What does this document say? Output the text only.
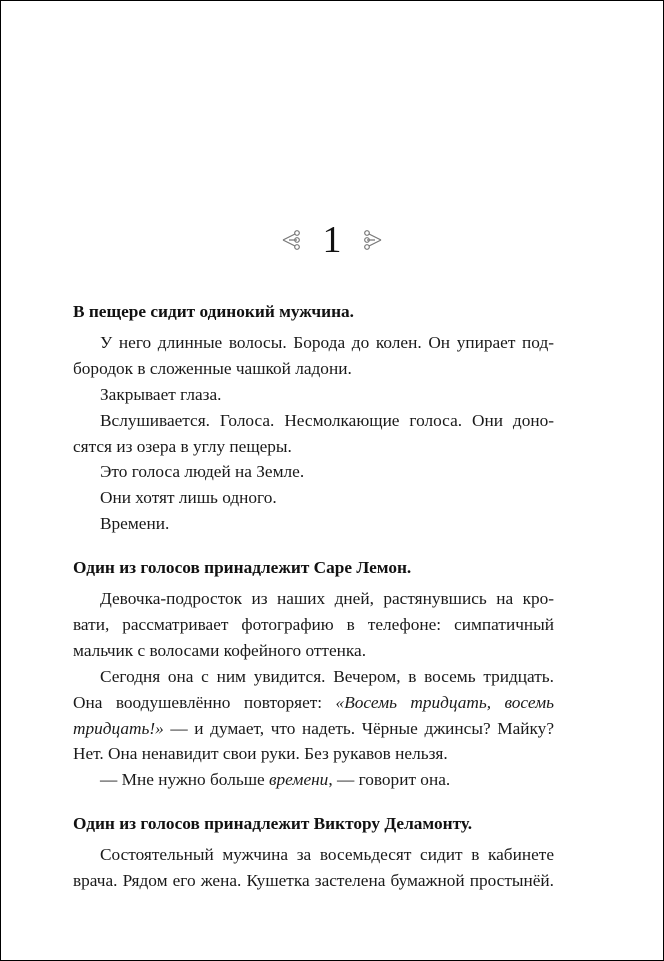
1
В пещере сидит одинокий мужчина.
У него длинные волосы. Борода до колен. Он упирает под-
бородок в сложенные чашкой ладони.
Закрывает глаза.
Вслушивается. Голоса. Несмолкающие голоса. Они доно-
сятся из озера в углу пещеры.
Это голоса людей на Земле.
Они хотят лишь одного.
Времени.
Один из голосов принадлежит Саре Лемон.
Девочка-подросток из наших дней, растянувшись на кро-
вати, рассматривает фотографию в телефоне: симпатичный
мальчик с волосами кофейного оттенка.
Сегодня она с ним увидится. Вечером, в восемь тридцать.
Она воодушевлённо повторяет: «Восемь тридцать, восемь
тридцать!» — и думает, что надеть. Чёрные джинсы? Майку?
Нет. Она ненавидит свои руки. Без рукавов нельзя.
— Мне нужно больше времени, — говорит она.
Один из голосов принадлежит Виктору Деламонту.
Состоятельный мужчина за восемьдесят сидит в кабинете
врача. Рядом его жена. Кушетка застелена бумажной простынёй.
